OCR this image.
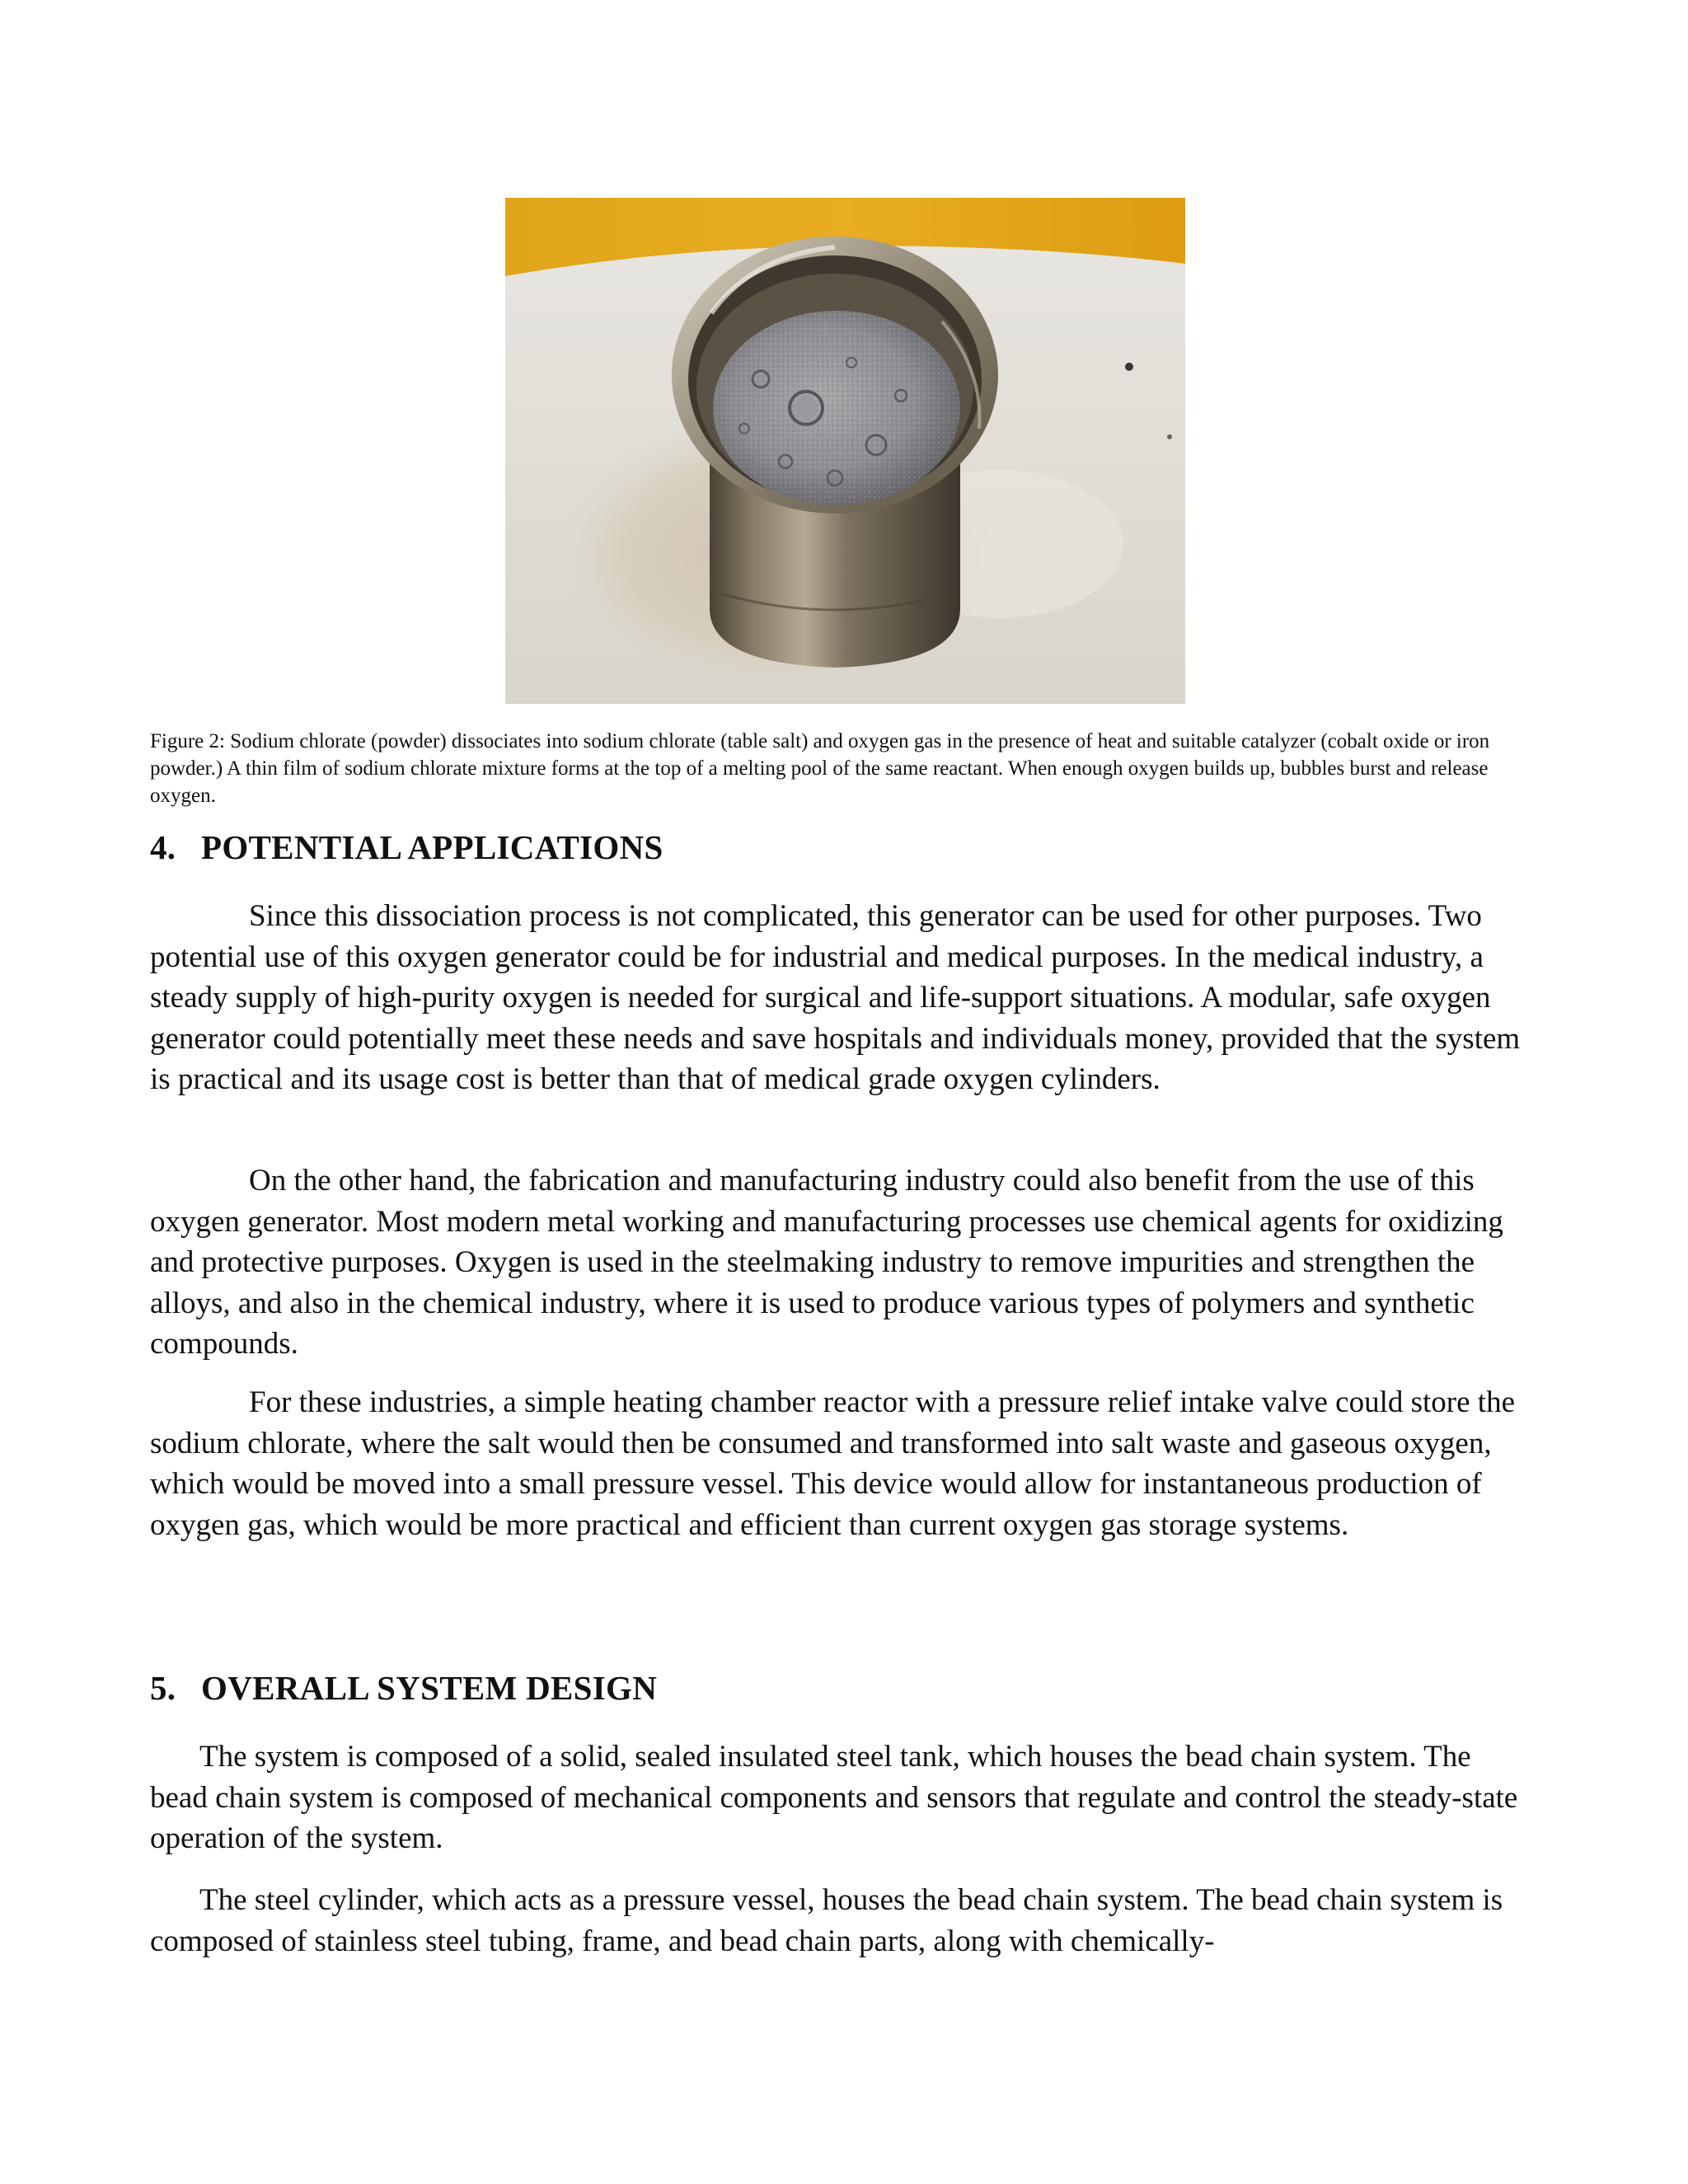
Figure 2: Sodium chlorate (powder) dissociates into sodium chlorate (table salt) and oxygen gas in the presence of heat and suitable catalyzer (cobalt oxide or iron powder.) A thin film of sodium chlorate mixture forms at the top of a melting pool of the same reactant. When enough oxygen builds up, bubbles burst and release oxygen.

4. POTENTIAL APPLICATIONS

Since this dissociation process is not complicated, this generator can be used for other purposes. Two potential use of this oxygen generator could be for industrial and medical purposes. In the medical industry, a steady supply of high-purity oxygen is needed for surgical and life-support situations. A modular, safe oxygen generator could potentially meet these needs and save hospitals and individuals money, provided that the system is practical and its usage cost is better than that of medical grade oxygen cylinders.

On the other hand, the fabrication and manufacturing industry could also benefit from the use of this oxygen generator. Most modern metal working and manufacturing processes use chemical agents for oxidizing and protective purposes. Oxygen is used in the steelmaking industry to remove impurities and strengthen the alloys, and also in the chemical industry, where it is used to produce various types of polymers and synthetic compounds.

For these industries, a simple heating chamber reactor with a pressure relief intake valve could store the sodium chlorate, where the salt would then be consumed and transformed into salt waste and gaseous oxygen, which would be moved into a small pressure vessel. This device would allow for instantaneous production of oxygen gas, which would be more practical and efficient than current oxygen gas storage systems.

5. OVERALL SYSTEM DESIGN

The system is composed of a solid, sealed insulated steel tank, which houses the bead chain system. The bead chain system is composed of mechanical components and sensors that regulate and control the steady-state operation of the system.

The steel cylinder, which acts as a pressure vessel, houses the bead chain system. The bead chain system is composed of stainless steel tubing, frame, and bead chain parts, along with chemically-
